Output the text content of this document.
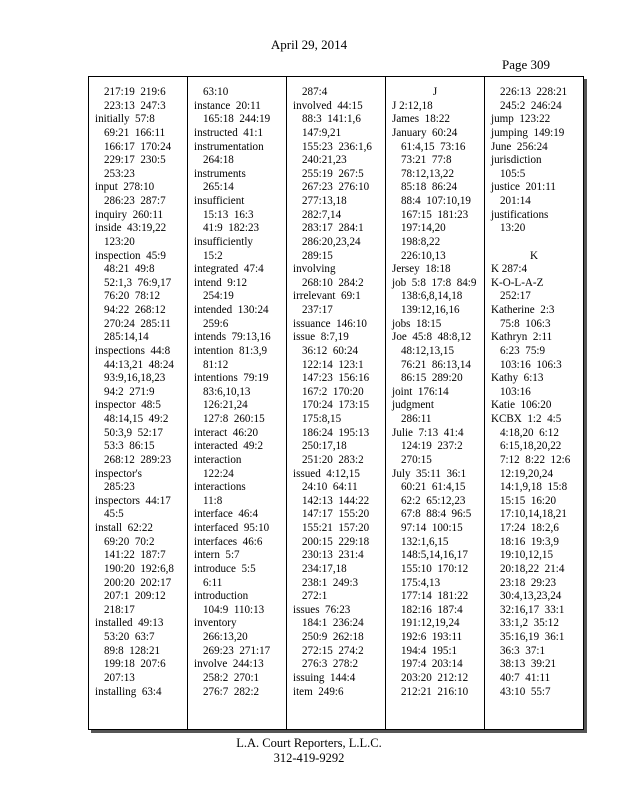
April 29, 2014
Page 309
217:19  219:6
223:13  247:3
initially  57:8
69:21  166:11
166:17  170:24
229:17  230:5
253:23
input  278:10
286:23  287:7
inquiry  260:11
inside  43:19,22
123:20
inspection  45:9
48:21  49:8
52:1,3  76:9,17
76:20  78:12
94:22  268:12
270:24  285:11
285:14,14
inspections  44:8
44:13,21  48:24
93:9,16,18,23
94:2  271:9
inspector  48:5
48:14,15  49:2
50:3,9  52:17
53:3  86:15
268:12  289:23
inspector's
285:23
inspectors  44:17
45:5
install  62:22
69:20  70:2
141:22  187:7
190:20  192:6,8
200:20  202:17
207:1  209:12
218:17
installed  49:13
53:20  63:7
89:8  128:21
199:18  207:6
207:13
installing  63:4
63:10
instance  20:11
165:18  244:19
instructed  41:1
instrumentation
264:18
instruments
265:14
insufficient
15:13  16:3
41:9  182:23
insufficiently
15:2
integrated  47:4
intend  9:12
254:19
intended  130:24
259:6
intends  79:13,16
intention  81:3,9
81:12
intentions  79:19
83:6,10,13
126:21,24
127:8  260:15
interact  46:20
interacted  49:2
interaction
122:24
interactions
11:8
interface  46:4
interfaced  95:10
interfaces  46:6
intern  5:7
introduce  5:5
6:11
introduction
104:9  110:13
inventory
266:13,20
269:23  271:17
involve  244:13
258:2  270:1
276:7  282:2
287:4
involved  44:15
88:3  141:1,6
147:9,21
155:23  236:1,6
240:21,23
255:19  267:5
267:23  276:10
277:13,18
282:7,14
283:17  284:1
286:20,23,24
289:15
involving
268:10  284:2
irrelevant  69:1
237:17
issuance  146:10
issue  8:7,19
36:12  60:24
122:14  123:1
147:23  156:16
167:2  170:20
170:24  173:15
175:8,15
186:24  195:13
250:17,18
251:20  283:2
issued  4:12,15
24:10  64:11
142:13  144:22
147:17  155:20
155:21  157:20
200:15  229:18
230:13  231:4
234:17,18
238:1  249:3
272:1
issues  76:23
184:1  236:24
250:9  262:18
272:15  274:2
276:3  278:2
issuing  144:4
item  249:6
J
J 2:12,18
James  18:22
January  60:24
61:4,15  73:16
73:21  77:8
78:12,13,22
85:18  86:24
88:4  107:10,19
167:15  181:23
197:14,20
198:8,22
226:10,13
Jersey  18:18
job  5:8  17:8  84:9
138:6,8,14,18
139:12,16,16
jobs  18:15
Joe  45:8  48:8,12
48:12,13,15
76:21  86:13,14
86:15  289:20
joint  176:14
judgment
286:11
Julie  7:13  41:4
124:19  237:2
270:15
July  35:11  36:1
60:21  61:4,15
62:2  65:12,23
67:8  88:4  96:5
97:14  100:15
132:1,6,15
148:5,14,16,17
155:10  170:12
175:4,13
177:14  181:22
182:16  187:4
191:12,19,24
192:6  193:11
194:4  195:1
197:4  203:14
203:20  212:12
212:21  216:10
226:13  228:21
245:2  246:24
jump  123:22
jumping  149:19
June  256:24
jurisdiction
105:5
justice  201:11
201:14
justifications
13:20

K
K 287:4
K-O-L-A-Z
252:17
Katherine  2:3
75:8  106:3
Kathryn  2:11
6:23  75:9
103:16  106:3
Kathy  6:13
103:16
Katie  106:20
KCBX  1:2  4:5
4:18,20  6:12
6:15,18,20,22
7:12  8:22  12:6
12:19,20,24
14:1,9,18  15:8
15:15  16:20
17:10,14,18,21
17:24  18:2,6
18:16  19:3,9
19:10,12,15
20:18,22  21:4
23:18  29:23
30:4,13,23,24
32:16,17  33:1
33:1,2  35:12
35:16,19  36:1
36:3  37:1
38:13  39:21
40:7  41:11
43:10  55:7
L.A. Court Reporters, L.L.C.
312-419-9292
